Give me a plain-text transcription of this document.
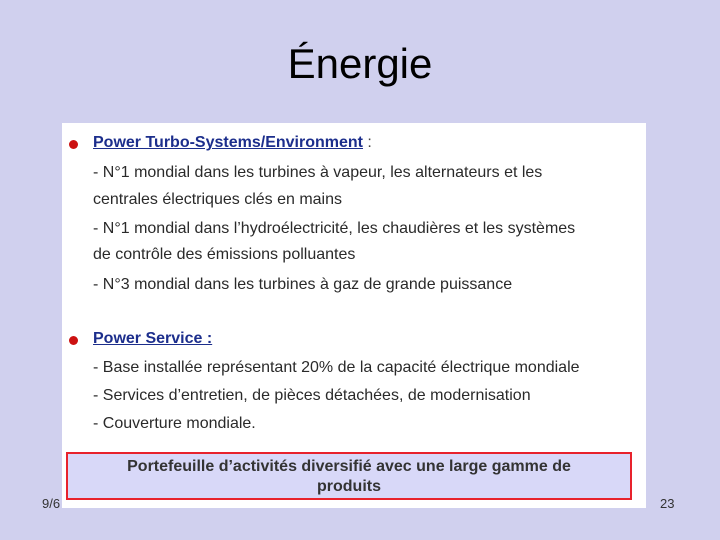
Énergie
Power Turbo-Systems/Environment :
- N°1 mondial dans les turbines à vapeur, les alternateurs et les
centrales électriques clés en mains
- N°1 mondial dans l’hydroélectricité, les chaudières et les systèmes
de contrôle des émissions polluantes
- N°3 mondial dans les turbines à gaz de grande puissance
Power Service :
- Base installée représentant 20% de la capacité électrique mondiale
- Services d’entretien, de pièces détachées, de modernisation
- Couverture mondiale.
Portefeuille d’activités diversifié avec une large gamme de
produits
9/6	23
